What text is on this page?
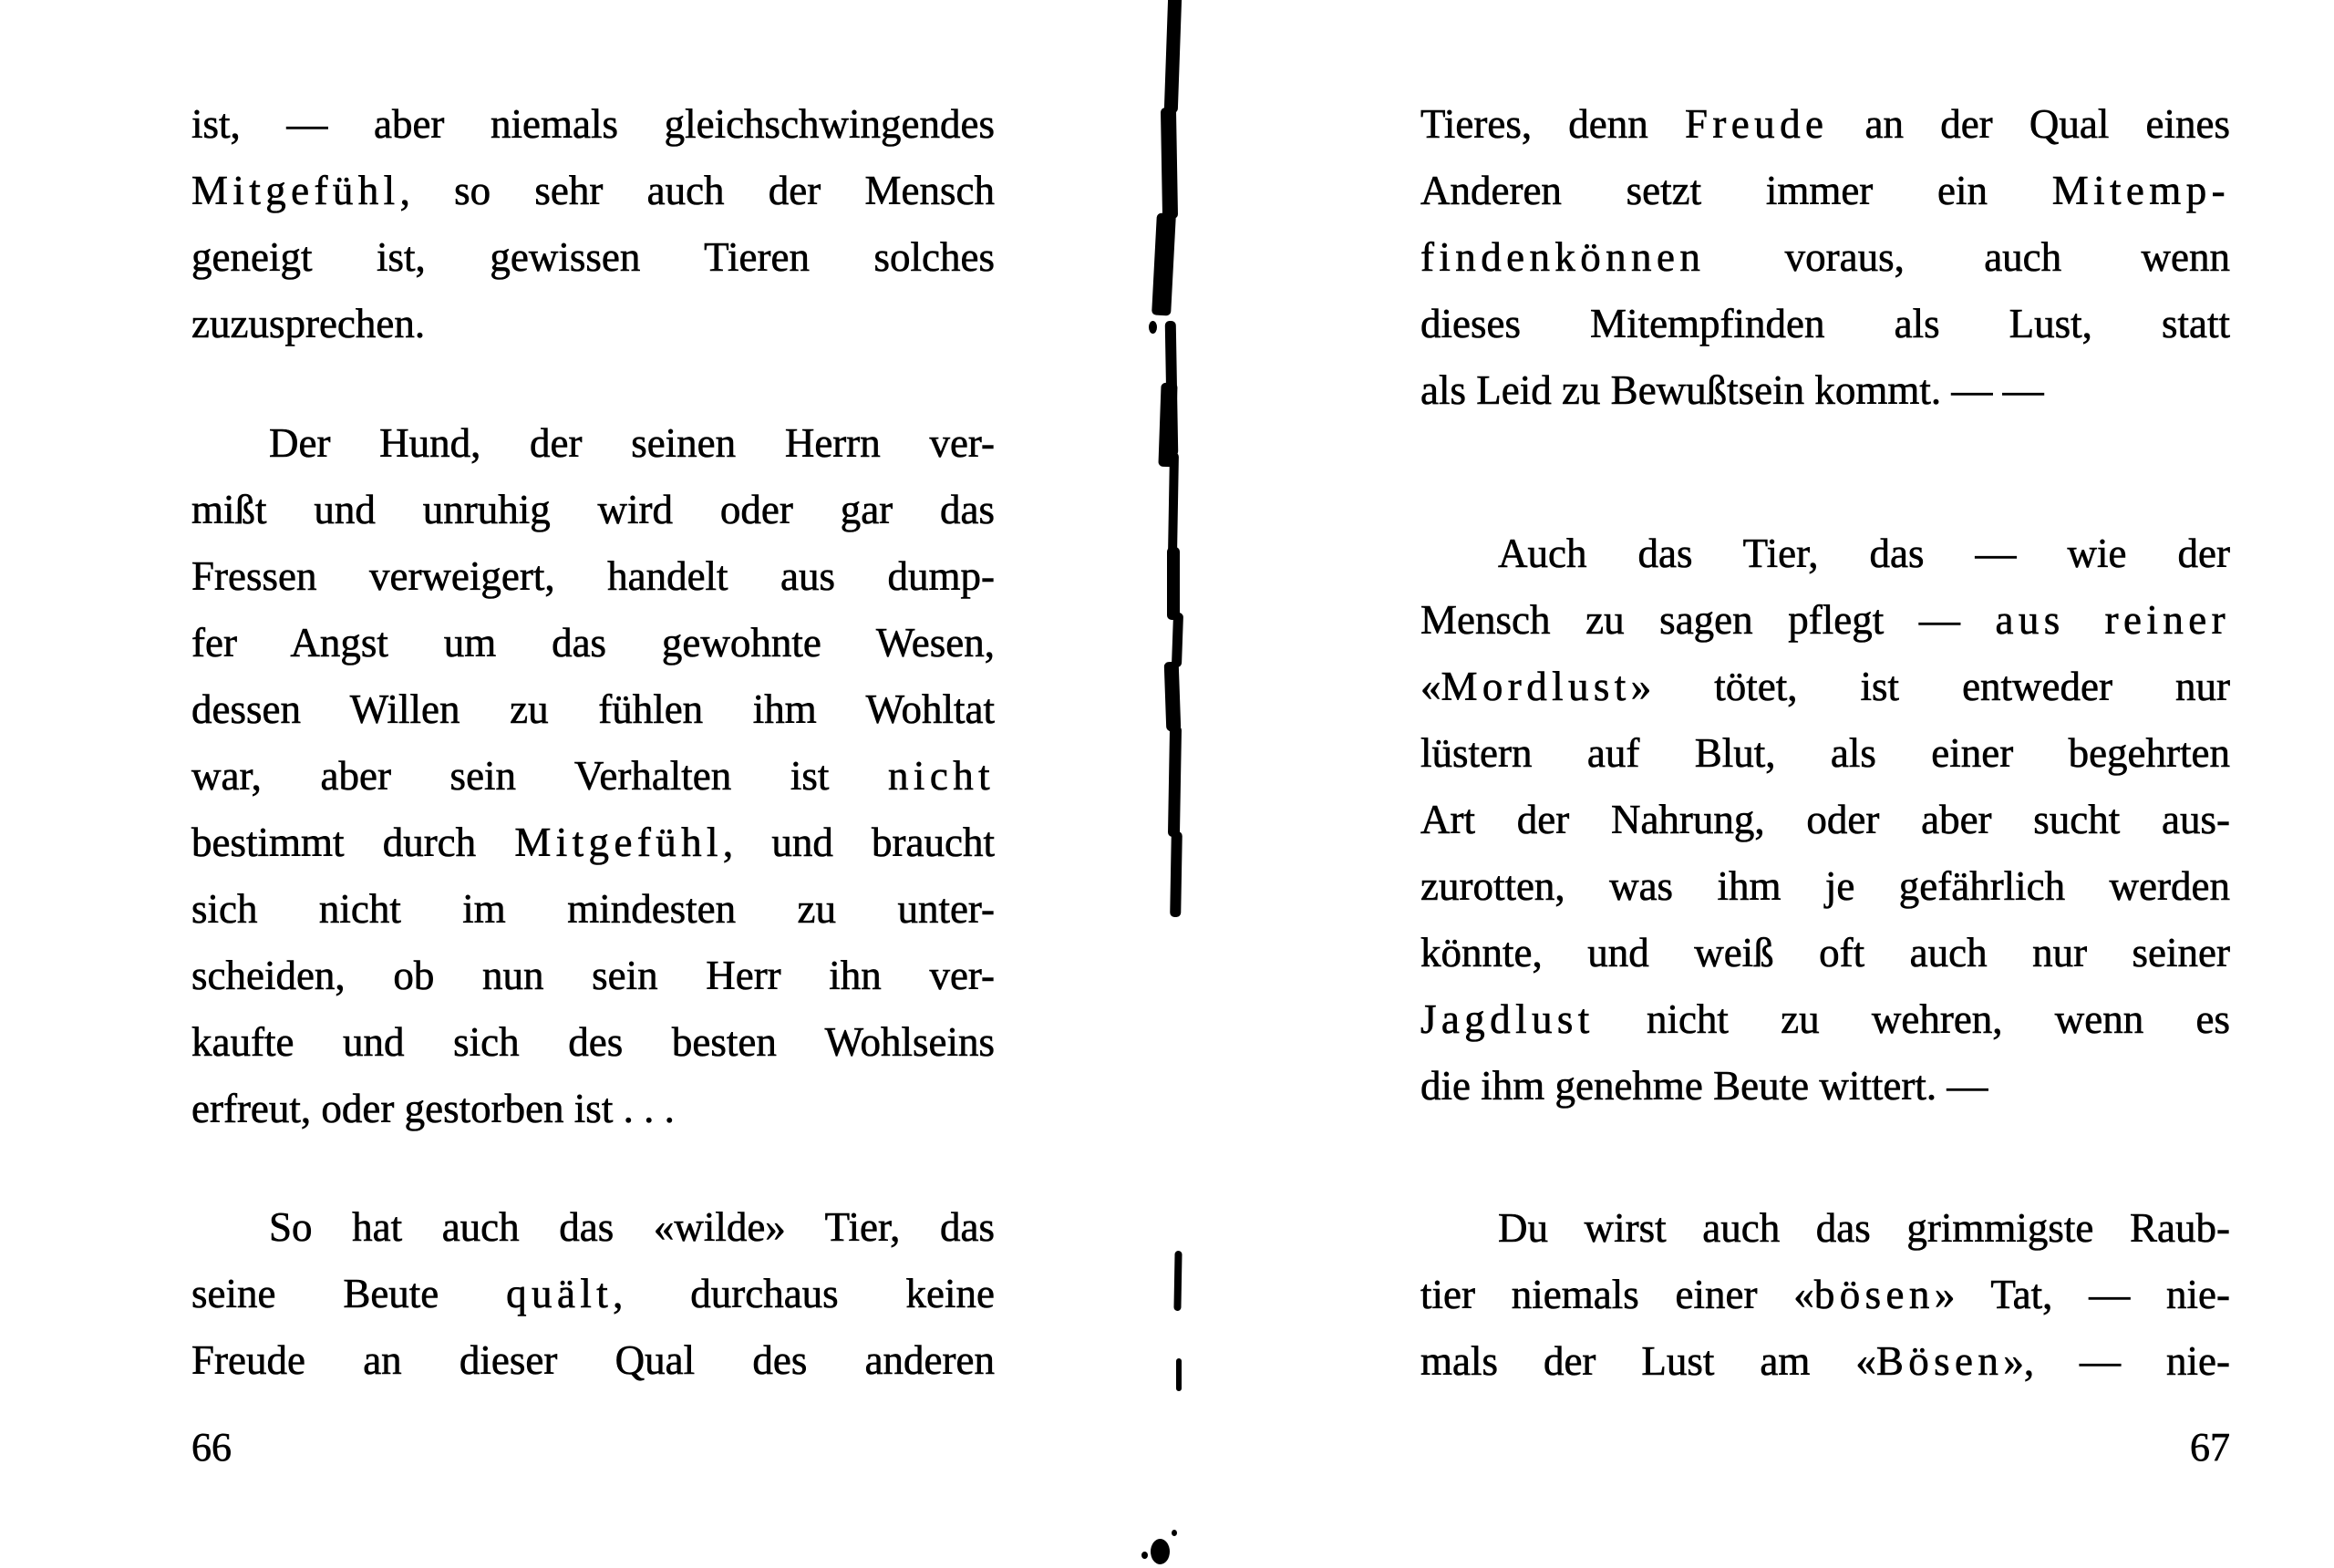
ist, — aber niemals gleichschwingendes
Mitgefühl, so sehr auch der Mensch
geneigt ist, gewissen Tieren solches
zuzusprechen.
Der Hund, der seinen Herrn ver-
mißt und unruhig wird oder gar das
Fressen verweigert, handelt aus dump-
fer Angst um das gewohnte Wesen,
dessen Willen zu fühlen ihm Wohltat
war, aber sein Verhalten ist nicht
bestimmt durch Mitgefühl, und braucht
sich nicht im mindesten zu unter-
scheiden, ob nun sein Herr ihn ver-
kaufte und sich des besten Wohlseins
erfreut, oder gestorben ist . . .
So hat auch das «wilde» Tier, das
seine Beute quält, durchaus keine
Freude an dieser Qual des anderen
66
Tieres, denn Freude an der Qual eines
Anderen setzt immer ein Mitemp-
findenkönnen voraus, auch wenn
dieses Mitempfinden als Lust, statt
als Leid zu Bewußtsein kommt. — —
Auch das Tier, das — wie der
Mensch zu sagen pflegt — aus reiner
«Mordlust» tötet, ist entweder nur
lüstern auf Blut, als einer begehrten
Art der Nahrung, oder aber sucht aus-
zurotten, was ihm je gefährlich werden
könnte, und weiß oft auch nur seiner
Jagdlust nicht zu wehren, wenn es
die ihm genehme Beute wittert. —
Du wirst auch das grimmigste Raub-
tier niemals einer «bösen» Tat, — nie-
mals der Lust am «Bösen», — nie-
67
